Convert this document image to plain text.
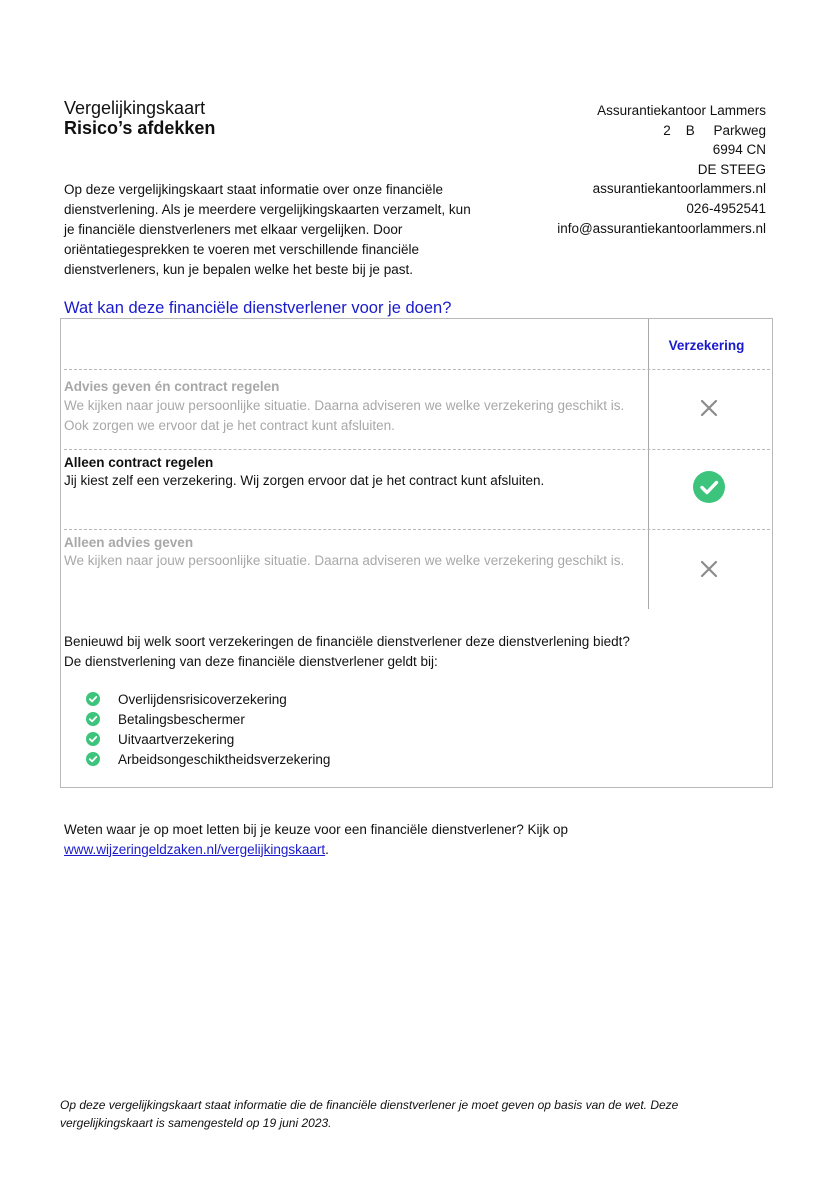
Vergelijkingskaart
Risico’s afdekken
Assurantiekantoor Lammers
2    B     Parkweg
6994 CN
DE STEEG
assurantiekantoorlammers.nl
026-4952541
info@assurantiekantoorlammers.nl
Op deze vergelijkingskaart staat informatie over onze financiële dienstverlening. Als je meerdere vergelijkingskaarten verzamelt, kun je financiële dienstverleners met elkaar vergelijken. Door oriëntatiegesprekken te voeren met verschillende financiële dienstverleners, kun je bepalen welke het beste bij je past.
Wat kan deze financiële dienstverlener voor je doen?
Verzekering
Advies geven én contract regelen
We kijken naar jouw persoonlijke situatie. Daarna adviseren we welke verzekering geschikt is. Ook zorgen we ervoor dat je het contract kunt afsluiten.
Alleen contract regelen
Jij kiest zelf een verzekering. Wij zorgen ervoor dat je het contract kunt afsluiten.
Alleen advies geven
We kijken naar jouw persoonlijke situatie. Daarna adviseren we welke verzekering geschikt is.
Benieuwd bij welk soort verzekeringen de financiële dienstverlener deze dienstverlening biedt?
De dienstverlening van deze financiële dienstverlener geldt bij:
Overlijdensrisicoverzekering
Betalingsbeschermer
Uitvaartverzekering
Arbeidsongeschiktheidsverzekering
Weten waar je op moet letten bij je keuze voor een financiële dienstverlener? Kijk op
www.wijzeringeldzaken.nl/vergelijkingskaart.
Op deze vergelijkingskaart staat informatie die de financiële dienstverlener je moet geven op basis van de wet. Deze vergelijkingskaart is samengesteld op 19 juni 2023.
